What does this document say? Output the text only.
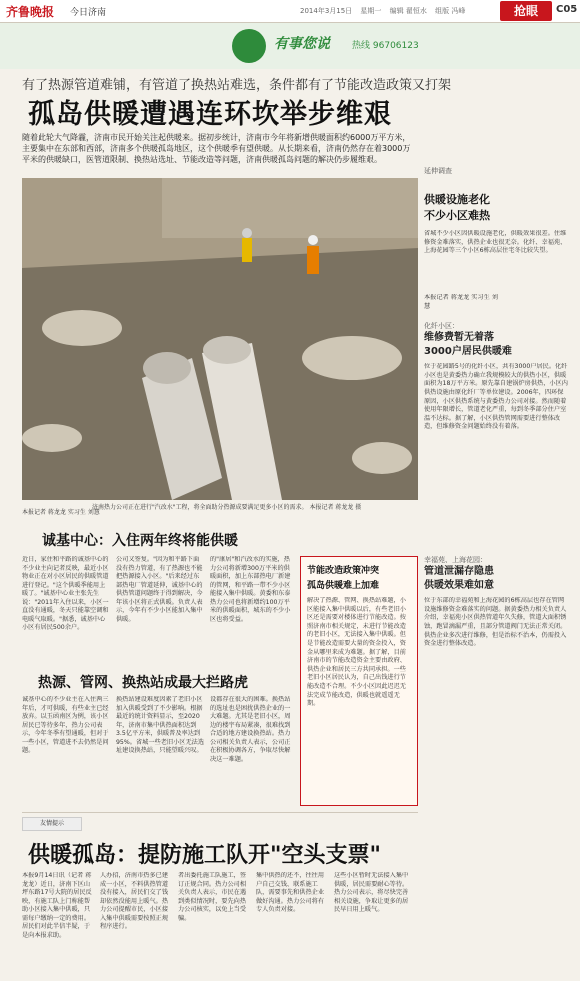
齐鲁晚报 今日济南	2014年3月15日 星期一 编辑 翟恒水 组版 冯峰	抢眼	C05
有事您说 热线 96706123
有了热源管道难铺，有管道了换热站难选，条件都有了节能改造政策又打架
孤岛供暖遭遇连环坎举步维艰
随着此轮大气降霾，济南市民开始关注起供暖来。据初步统计，济南市今年将新增供暖面积约6000万平方米，主要集中在东部和西部，济南多个供暖孤岛地区，这个供暖季有望供暖。从长期来看，济南仍然存在着3000万平米的供暖缺口，医管道限制、换热站选址、节能改造等问题，济南供暖孤岛问题的解决仍步履维艰。
济南热力公司正在进行"汽改水"工程，将全面助分热源成要满足更多小区的需求。 本报记者 蒋龙龙 摄
本报记者 蒋龙龙 实习生 刘慧
延伸调查
供暖设施老化
不少小区难热
省城不少小区因供暖设施老化，供暖效果很差。住维修资金难落实，供热企业也很无奈。化纤、幸福苑、上海花园等三个小区6栋高层住宅冬比较失望。
本报记者 蒋龙龙 实习生 刘慧
化纤小区：
维修费暂无着落
3000户居民供暖难
位于花园路5号的化纤小区，共有3000户居民。化纤小区也是黄委热力确立我规模较大的供热小区，供暖面积为18万平方米。原先靠自建锅炉房供热，小区内供热设施由原化纤厂等单位建设。2006年，四环保原因，小区供热系统与黄委热力公司对接。然而随着使用年限增长，管道老化严重，每到冬季部分住户室温不达标。据了解，小区供热管网需要进行整体改造，但维修资金问题始终没有着落。
幸福苑、上海花园：
管道泄漏存隐患
供暖效果难如意
位于东部的幸福苑和上海花园的6栋高层也存在管网设施维修资金难落实的问题。据黄委热力相关负责人介绍，幸福苑小区供热管道年久失修，管道大面积锈蚀，跑冒滴漏严重，且部分管道阀门无法正常关闭。供热企业多次进行维修，但是治标不治本，仍需投入资金进行整体改造。
诚基中心：入住两年终将能供暖
近日，家住和平路的诚基中心的不少业主向记者反映，最近小区物业正在对小区居民的供暖管道进行登记。"这个供暖季能用上暖了。"诚基中心业主张先生说："2011年入住以来，小区一直没有通暖，冬天只能靠空调和电暖气取暖。"据悉，诚基中心小区有居民500余户。
公司又签复。"因为和平路下面没有热力管道，有了热源也不能把热源接入小区。"后来经过东部热电厂管道延伸，诚基中心的供热管道问题终于得到解决，今年该小区将正式供暖。负责人表示，今年有不少小区能加入集中供暖。
的"康居"和汽改水的实施，热力公司将新增300万平米的供暖面积，加上东部热电厂新建的管网，和平路一带不少小区能接入集中供暖。黄委和东泰热力公司也将新增约100万平米的供暖面积，城东的不少小区也将受益。
节能改造政策冲突
孤岛供暖难上加难
解决了热源、管网、换热站难题，小区能接入集中供暖以后，有些老旧小区还是需要对楼体进行节能改造。按照济南市相关规定，未进行节能改造的老旧小区，无法接入集中供暖。但是节能改造需要大量的资金投入，资金从哪里来成为难题。据了解，目前济南市的节能改造资金主要由政府、供热企业和居民三方共同承担。一些老旧小区居民认为，自己出钱进行节能改造不合理。不少小区因此迟迟无法完成节能改造，供暖也就遥遥无期。
热源、管网、换热站成最大拦路虎
诚基中心的不少业主在入住两三年后，才可供暖，有些业主已经放弃。以玉函南区为例，该小区居民已等待多年，热力公司表示，今年冬季有望通暖，但对于一些小区，管道进不去仍然是问题。
换热站建设难度因素了老旧小区加入供暖受到了不少影响。根据最近的统计资料显示，至2020年，济南市集中供热面积达到3.5亿平方米，供暖普及率达到95%。省城一些老旧小区无法选址建设换热站，只能望暖兴叹。
设都存在很大的困难。换热站的选址也是困扰供热企业的一大难题。尤其是老旧小区，周边的楼宇布局紧凑，很难找到合适的地方建设换热站。热力公司相关负责人表示，公司正在积极协调各方，争取尽快解决这一难题。
友情提示
供暖孤岛：提防施工队开"空头支票"
本报9月14日讯（记者 蒋龙龙）近日，济南下区山坪东路17号大院的居民反映，有施工队上门称能帮助小区接入集中供暖，只需每户缴纳一定的费用。居民们对此半信半疑，于是向本报求助。
人办招，济南市热多已建成一小区，不料供热管道没有接入，居民们交了钱却依然没能用上暖气。热力公司提醒市民，小区接入集中供暖需要按照正规程序进行。
者出委托施工队施工，签订正规合同。热力公司相关负责人表示，市民在遇到类似情况时，要先向热力公司核实，以免上当受骗。
集中供热的还不，往往用户自己交钱、联系施工队，需要事先和供热企业做好沟通。热力公司将有专人负责对接。
这些小区暂时无法接入集中供暖，居民需要耐心等待。热力公司表示，将尽快完善相关设施，争取让更多的居民早日用上暖气。
